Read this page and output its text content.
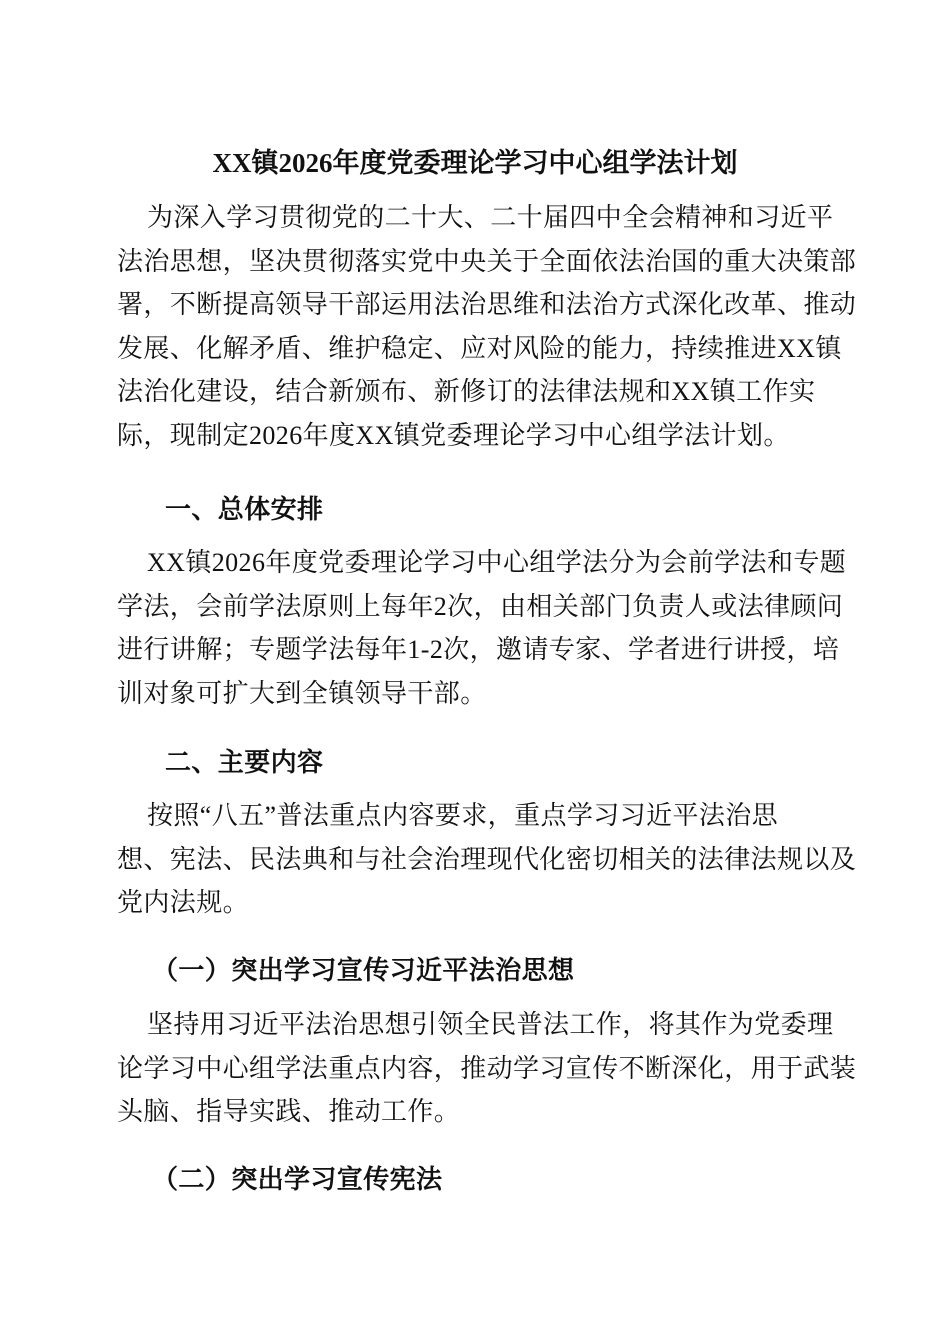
XX镇2026年度党委理论学习中心组学法计划
为深入学习贯彻党的二十大、二十届四中全会精神和习近平
法治思想，坚决贯彻落实党中央关于全面依法治国的重大决策部
署，不断提高领导干部运用法治思维和法治方式深化改革、推动
发展、化解矛盾、维护稳定、应对风险的能力，持续推进XX镇
法治化建设，结合新颁布、新修订的法律法规和XX镇工作实
际，现制定2026年度XX镇党委理论学习中心组学法计划。
一、总体安排
XX镇2026年度党委理论学习中心组学法分为会前学法和专题
学法，会前学法原则上每年2次，由相关部门负责人或法律顾问
进行讲解；专题学法每年1-2次，邀请专家、学者进行讲授，培
训对象可扩大到全镇领导干部。
二、主要内容
按照“八五”普法重点内容要求，重点学习习近平法治思
想、宪法、民法典和与社会治理现代化密切相关的法律法规以及
党内法规。
（一）突出学习宣传习近平法治思想
坚持用习近平法治思想引领全民普法工作，将其作为党委理
论学习中心组学法重点内容，推动学习宣传不断深化，用于武装
头脑、指导实践、推动工作。
（二）突出学习宣传宪法
